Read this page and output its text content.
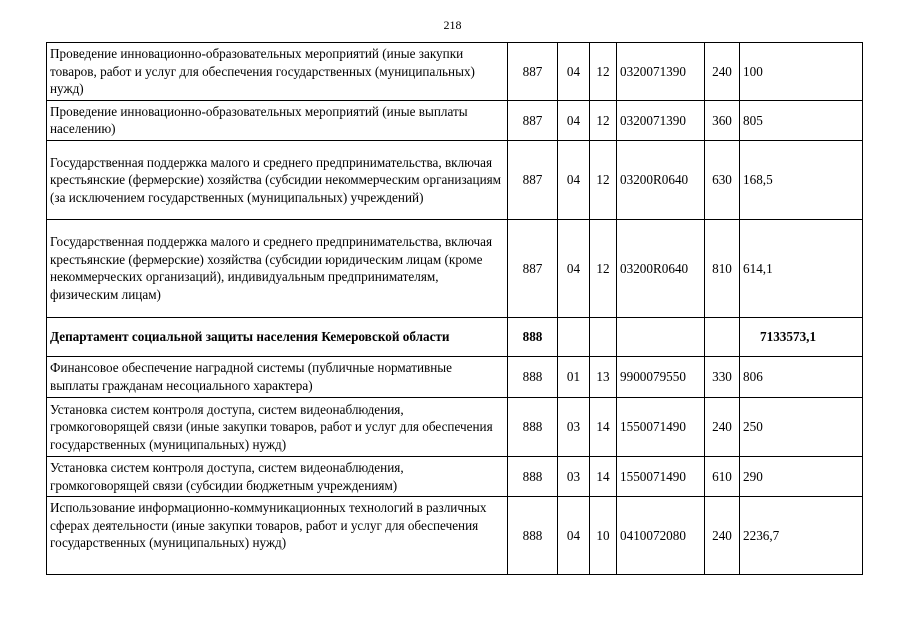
218
Проведение инновационно-образовательных мероприятий (иные закупки товаров, работ и услуг для обеспечения государственных (муниципальных) нужд)	887	04	12	0320071390	240	100
Проведение инновационно-образовательных мероприятий (иные выплаты населению)	887	04	12	0320071390	360	805
Государственная поддержка малого и среднего предпринимательства, включая крестьянские (фермерские) хозяйства (субсидии некоммерческим организациям (за исключением государственных (муниципальных) учреждений)	887	04	12	03200R0640	630	168,5
Государственная поддержка малого и среднего предпринимательства, включая крестьянские (фермерские) хозяйства (субсидии юридическим лицам (кроме некоммерческих организаций), индивидуальным предпринимателям, физическим лицам)	887	04	12	03200R0640	810	614,1
Департамент социальной защиты населения Кемеровской области	888					7133573,1
Финансовое обеспечение наградной системы (публичные нормативные выплаты гражданам несоциального характера)	888	01	13	9900079550	330	806
Установка систем контроля доступа, систем видеонаблюдения, громкоговорящей связи (иные закупки товаров, работ и услуг для обеспечения государственных (муниципальных) нужд)	888	03	14	1550071490	240	250
Установка систем контроля доступа, систем видеонаблюдения, громкоговорящей связи (субсидии бюджетным учреждениям)	888	03	14	1550071490	610	290
Использование информационно-коммуникационных технологий в различных сферах деятельности (иные закупки товаров, работ и услуг для обеспечения государственных (муниципальных) нужд)	888	04	10	0410072080	240	2236,7
